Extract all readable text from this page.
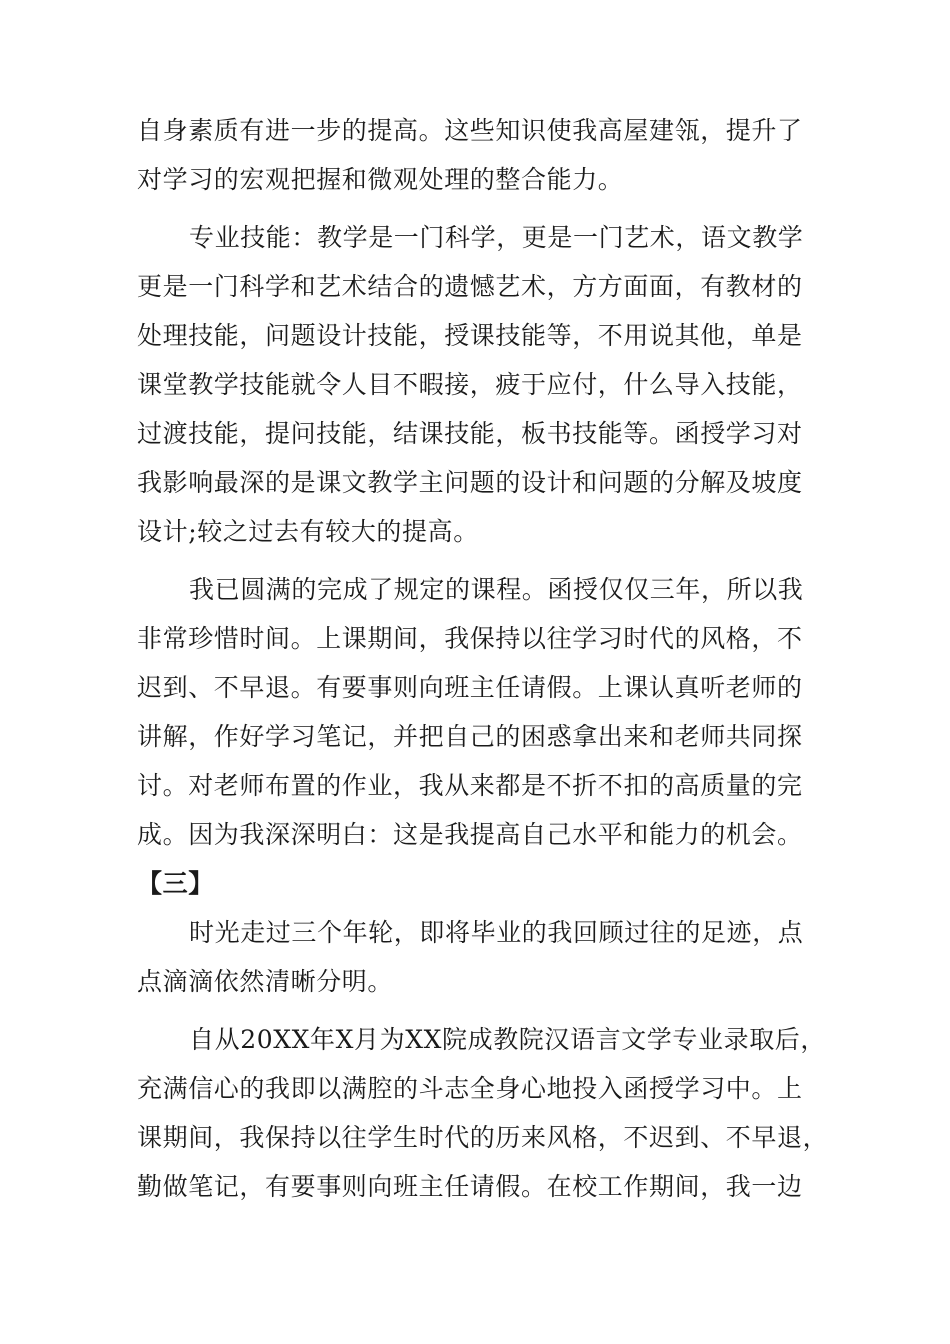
自身素质有进一步的提高。这些知识使我高屋建瓴，提升了
对学习的宏观把握和微观处理的整合能力。
专业技能：教学是一门科学，更是一门艺术，语文教学
更是一门科学和艺术结合的遗憾艺术，方方面面，有教材的
处理技能，问题设计技能，授课技能等，不用说其他，单是
课堂教学技能就令人目不暇接，疲于应付，什么导入技能，
过渡技能，提问技能，结课技能，板书技能等。函授学习对
我影响最深的是课文教学主问题的设计和问题的分解及坡度
设计;较之过去有较大的提高。
我已圆满的完成了规定的课程。函授仅仅三年，所以我
非常珍惜时间。上课期间，我保持以往学习时代的风格，不
迟到、不早退。有要事则向班主任请假。上课认真听老师的
讲解，作好学习笔记，并把自己的困惑拿出来和老师共同探
讨。对老师布置的作业，我从来都是不折不扣的高质量的完
成。因为我深深明白：这是我提高自己水平和能力的机会。
【三】
时光走过三个年轮，即将毕业的我回顾过往的足迹，点
点滴滴依然清晰分明。
自从20XX年X月为XX院成教院汉语言文学专业录取后，
充满信心的我即以满腔的斗志全身心地投入函授学习中。上
课期间，我保持以往学生时代的历来风格，不迟到、不早退，
勤做笔记，有要事则向班主任请假。在校工作期间，我一边
